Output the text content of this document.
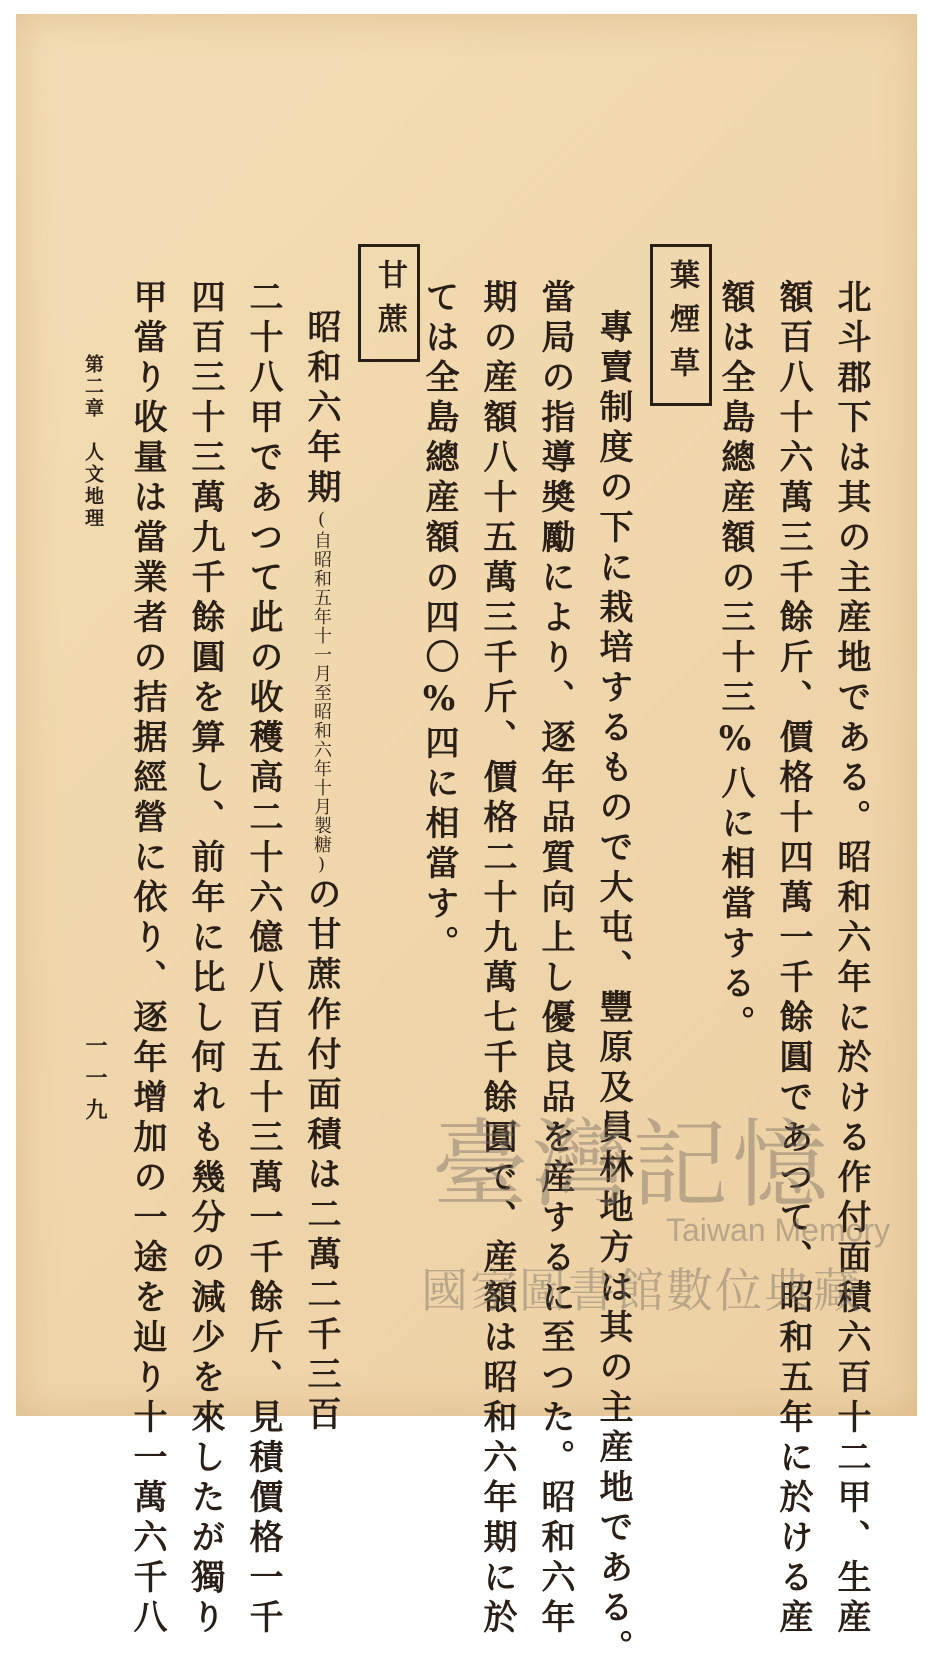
北斗郡下は其の主産地である。昭和六年に於ける作付面積六百十二甲、生産
額百八十六萬三千餘斤、價格十四萬一千餘圓であつて、昭和五年に於ける産
額は全島總産額の三十三%八に相當する。
葉煙草
專賣制度の下に栽培するもので大屯、豐原及員林地方は其の主産地である。
當局の指導奬勵により、逐年品質向上し優良品を産するに至つた。昭和六年
期の産額八十五萬三千斤、價格二十九萬七千餘圓で、産額は昭和六年期に於
ては全島總産額の四〇%四に相當す。
甘蔗
昭和六年期(自昭和五年十一月至昭和六年十月製糖)の甘蔗作付面積は二萬二千三百
二十八甲であつて此の收穫高二十六億八百五十三萬一千餘斤、見積價格一千
四百三十三萬九千餘圓を算し、前年に比し何れも幾分の減少を來したが獨り
甲當り收量は當業者の拮据經營に依り、逐年增加の一途を辿り十一萬六千八
第二章　人文地理
一一九
臺灣記憶
Taiwan Memory
國家圖書館數位典藏
